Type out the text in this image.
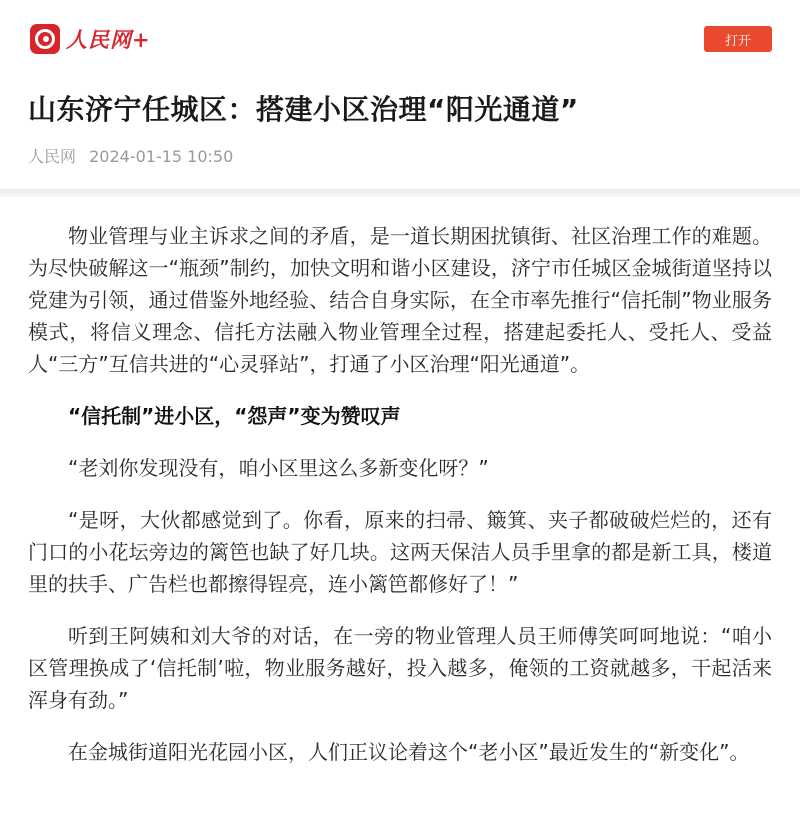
人民网+	打开
山东济宁任城区：搭建小区治理“阳光通道”
人民网 2024-01-15 10:50

物业管理与业主诉求之间的矛盾，是一道长期困扰镇街、社区治理工作的难题。为尽快破解这一“瓶颈”制约，加快文明和谐小区建设，济宁市任城区金城街道坚持以党建为引领，通过借鉴外地经验、结合自身实际，在全市率先推行“信托制”物业服务模式，将信义理念、信托方法融入物业管理全过程，搭建起委托人、受托人、受益人“三方”互信共进的“心灵驿站”，打通了小区治理“阳光通道”。

“信托制”进小区，“怨声”变为赞叹声

“老刘你发现没有，咱小区里这么多新变化呀？”

“是呀，大伙都感觉到了。你看，原来的扫帚、簸箕、夹子都破破烂烂的，还有门口的小花坛旁边的篱笆也缺了好几块。这两天保洁人员手里拿的都是新工具，楼道里的扶手、广告栏也都擦得锃亮，连小篱笆都修好了！”

听到王阿姨和刘大爷的对话，在一旁的物业管理人员王师傅笑呵呵地说：“咱小区管理换成了‘信托制’啦，物业服务越好，投入越多，俺领的工资就越多，干起活来浑身有劲。”

在金城街道阳光花园小区，人们正议论着这个“老小区”最近发生的“新变化”。
